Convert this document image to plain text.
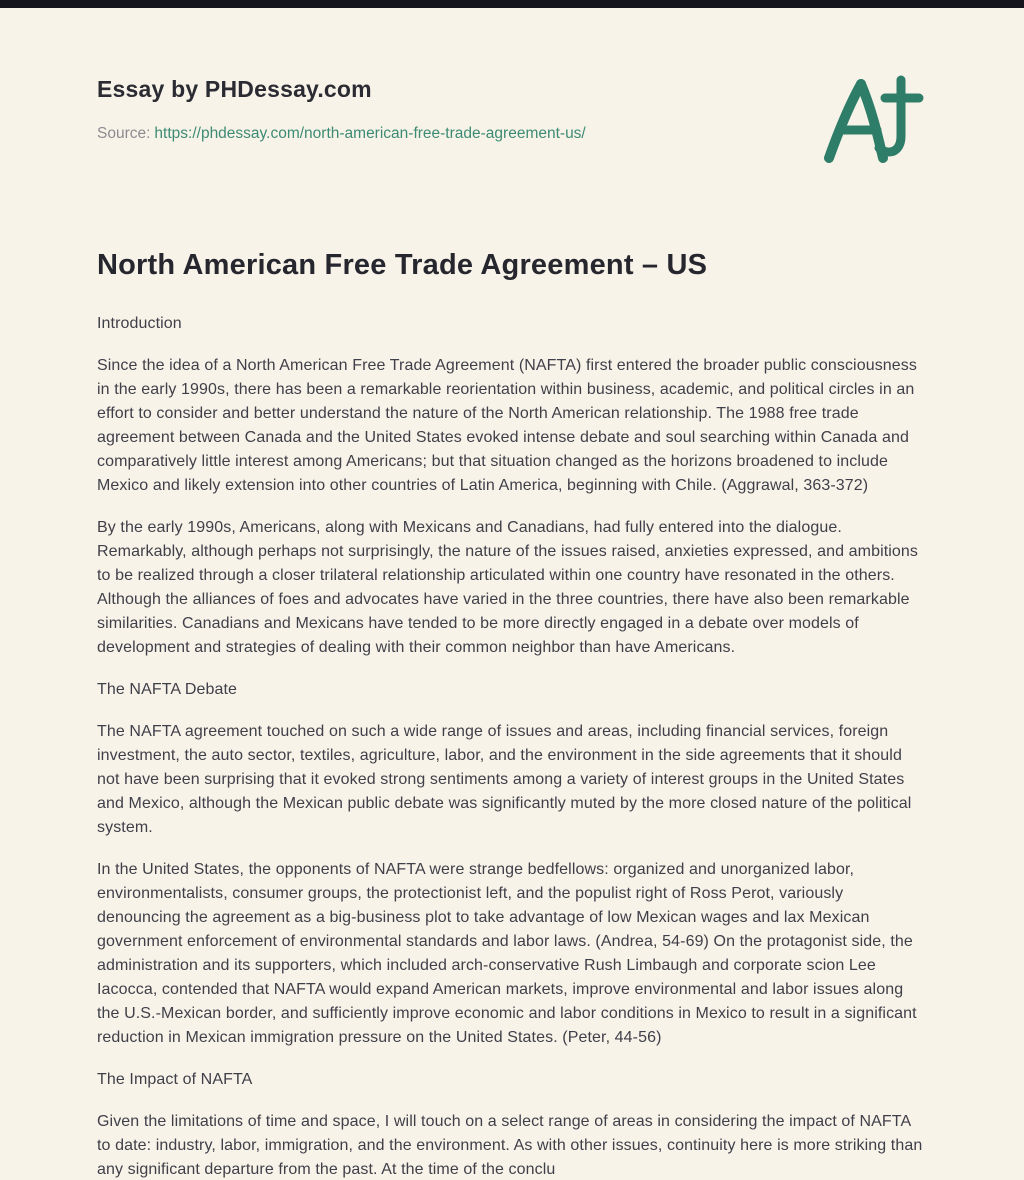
Essay by PHDessay.com
Source: https://phdessay.com/north-american-free-trade-agreement-us/
North American Free Trade Agreement – US

Introduction

Since the idea of a North American Free Trade Agreement (NAFTA) first entered the broader public consciousness in the early 1990s, there has been a remarkable reorientation within business, academic, and political circles in an effort to consider and better understand the nature of the North American relationship. The 1988 free trade agreement between Canada and the United States evoked intense debate and soul searching within Canada and comparatively little interest among Americans; but that situation changed as the horizons broadened to include Mexico and likely extension into other countries of Latin America, beginning with Chile. (Aggrawal, 363-372)

By the early 1990s, Americans, along with Mexicans and Canadians, had fully entered into the dialogue. Remarkably, although perhaps not surprisingly, the nature of the issues raised, anxieties expressed, and ambitions to be realized through a closer trilateral relationship articulated within one country have resonated in the others. Although the alliances of foes and advocates have varied in the three countries, there have also been remarkable similarities. Canadians and Mexicans have tended to be more directly engaged in a debate over models of development and strategies of dealing with their common neighbor than have Americans.

The NAFTA Debate

The NAFTA agreement touched on such a wide range of issues and areas, including financial services, foreign investment, the auto sector, textiles, agriculture, labor, and the environment in the side agreements that it should not have been surprising that it evoked strong sentiments among a variety of interest groups in the United States and Mexico, although the Mexican public debate was significantly muted by the more closed nature of the political system.

In the United States, the opponents of NAFTA were strange bedfellows: organized and unorganized labor, environmentalists, consumer groups, the protectionist left, and the populist right of Ross Perot, variously denouncing the agreement as a big-business plot to take advantage of low Mexican wages and lax Mexican government enforcement of environmental standards and labor laws. (Andrea, 54-69) On the protagonist side, the administration and its supporters, which included arch-conservative Rush Limbaugh and corporate scion Lee Iacocca, contended that NAFTA would expand American markets, improve environmental and labor issues along the U.S.-Mexican border, and sufficiently improve economic and labor conditions in Mexico to result in a significant reduction in Mexican immigration pressure on the United States. (Peter, 44-56)

The Impact of NAFTA

Given the limitations of time and space, I will touch on a select range of areas in considering the impact of NAFTA to date: industry, labor, immigration, and the environment. As with other issues, continuity here is more striking than any significant departure from the past. At the time of the conclu
